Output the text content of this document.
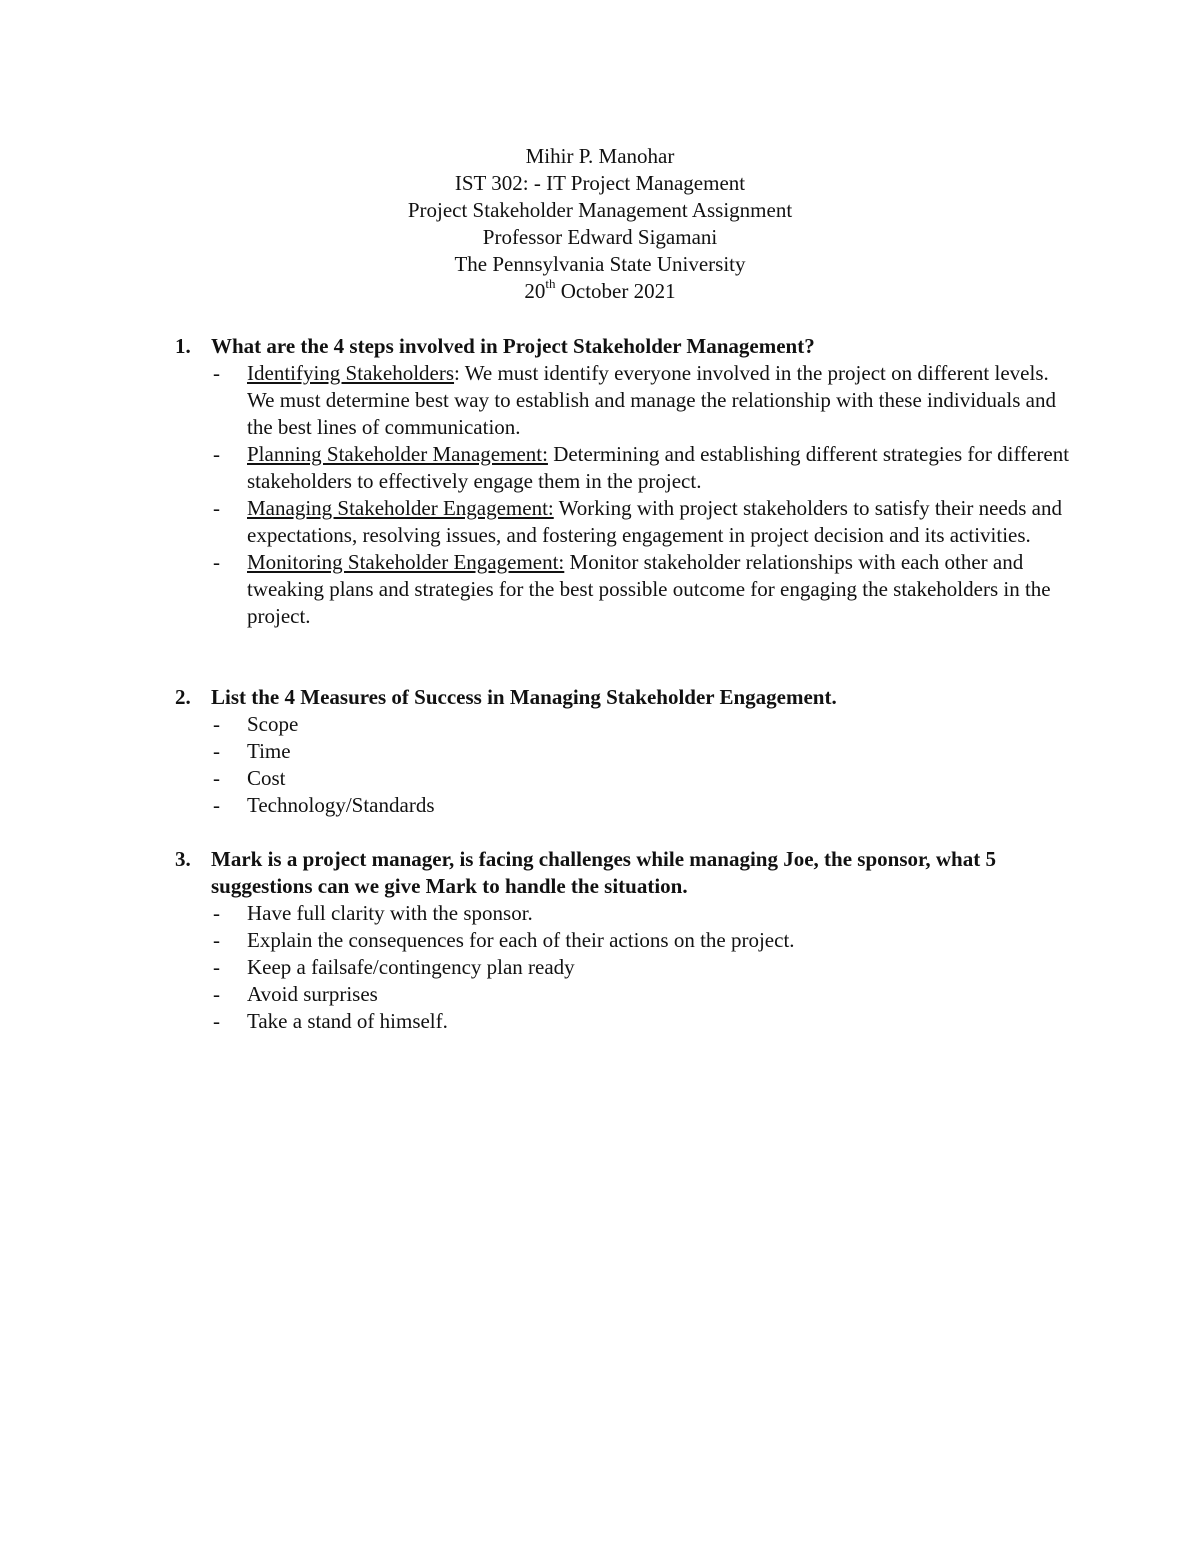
Mihir P. Manohar
IST 302: - IT Project Management
Project Stakeholder Management Assignment
Professor Edward Sigamani
The Pennsylvania State University
20th October 2021
1. What are the 4 steps involved in Project Stakeholder Management?
- Identifying Stakeholders: We must identify everyone involved in the project on different levels. We must determine best way to establish and manage the relationship with these individuals and the best lines of communication.
- Planning Stakeholder Management: Determining and establishing different strategies for different stakeholders to effectively engage them in the project.
- Managing Stakeholder Engagement: Working with project stakeholders to satisfy their needs and expectations, resolving issues, and fostering engagement in project decision and its activities.
- Monitoring Stakeholder Engagement: Monitor stakeholder relationships with each other and tweaking plans and strategies for the best possible outcome for engaging the stakeholders in the project.
2. List the 4 Measures of Success in Managing Stakeholder Engagement.
- Scope
- Time
- Cost
- Technology/Standards
3. Mark is a project manager, is facing challenges while managing Joe, the sponsor, what 5 suggestions can we give Mark to handle the situation.
- Have full clarity with the sponsor.
- Explain the consequences for each of their actions on the project.
- Keep a failsafe/contingency plan ready
- Avoid surprises
- Take a stand of himself.
